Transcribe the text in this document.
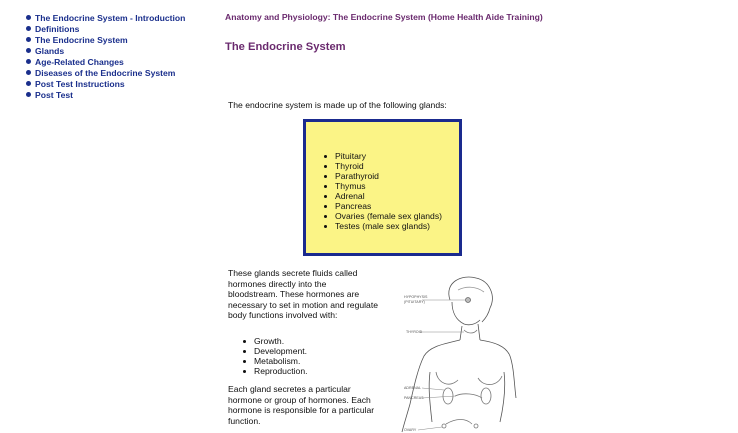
The Endocrine System - Introduction
Definitions
The Endocrine System
Glands
Age-Related Changes
Diseases of the Endocrine System
Post Test Instructions
Post Test
Anatomy and Physiology: The Endocrine System (Home Health Aide Training)
The Endocrine System
The endocrine system is made up of the following glands:
Pituitary
Thyroid
Parathyroid
Thymus
Adrenal
Pancreas
Ovaries (female sex glands)
Testes (male sex glands)
These glands secrete fluids called hormones directly into the bloodstream. These hormones are necessary to set in motion and regulate body functions involved with:
Growth.
Development.
Metabolism.
Reproduction.
Each gland secretes a particular hormone or group of hormones. Each hormone is responsible for a particular function.
HYPOPHYSIS
(PITUITARY)
THYROID
ADRENAL
PANCREAS
OVARY
